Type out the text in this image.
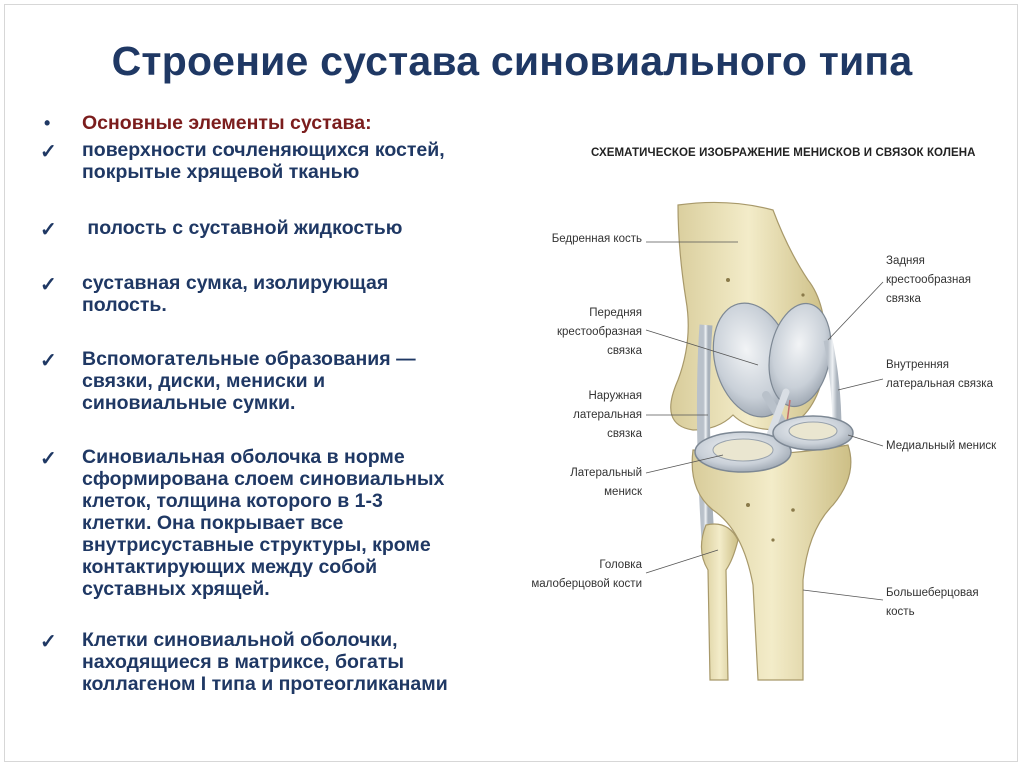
Строение сустава синовиального типа
•	Основные элементы сустава:
✓	поверхности сочленяющихся костей,
покрытые хрящевой тканью
✓	полость с суставной жидкостью
✓	суставная сумка, изолирующая
полость.
✓	Вспомогательные образования —
связки, диски, мениски и
синовиальные сумки.
✓	Синовиальная оболочка в норме
сформирована слоем синовиальных
клеток, толщина которого в 1-3
клетки. Она покрывает все
внутрисуставные структуры, кроме
контактирующих между собой
суставных хрящей.
✓	Клетки синовиальной оболочки,
находящиеся в матриксе, богаты
коллагеном I типа и протеогликанами
СХЕМАТИЧЕСКОЕ ИЗОБРАЖЕНИЕ МЕНИСКОВ И СВЯЗОК КОЛЕНА
Бедренная кость
Передняя
крестообразная
связка
Наружная
латеральная
связка
Латеральный
мениск
Головка
малоберцовой кости
Задняя
крестообразная
связка
Внутренняя
латеральная связка
Медиальный мениск
Большеберцовая
кость
